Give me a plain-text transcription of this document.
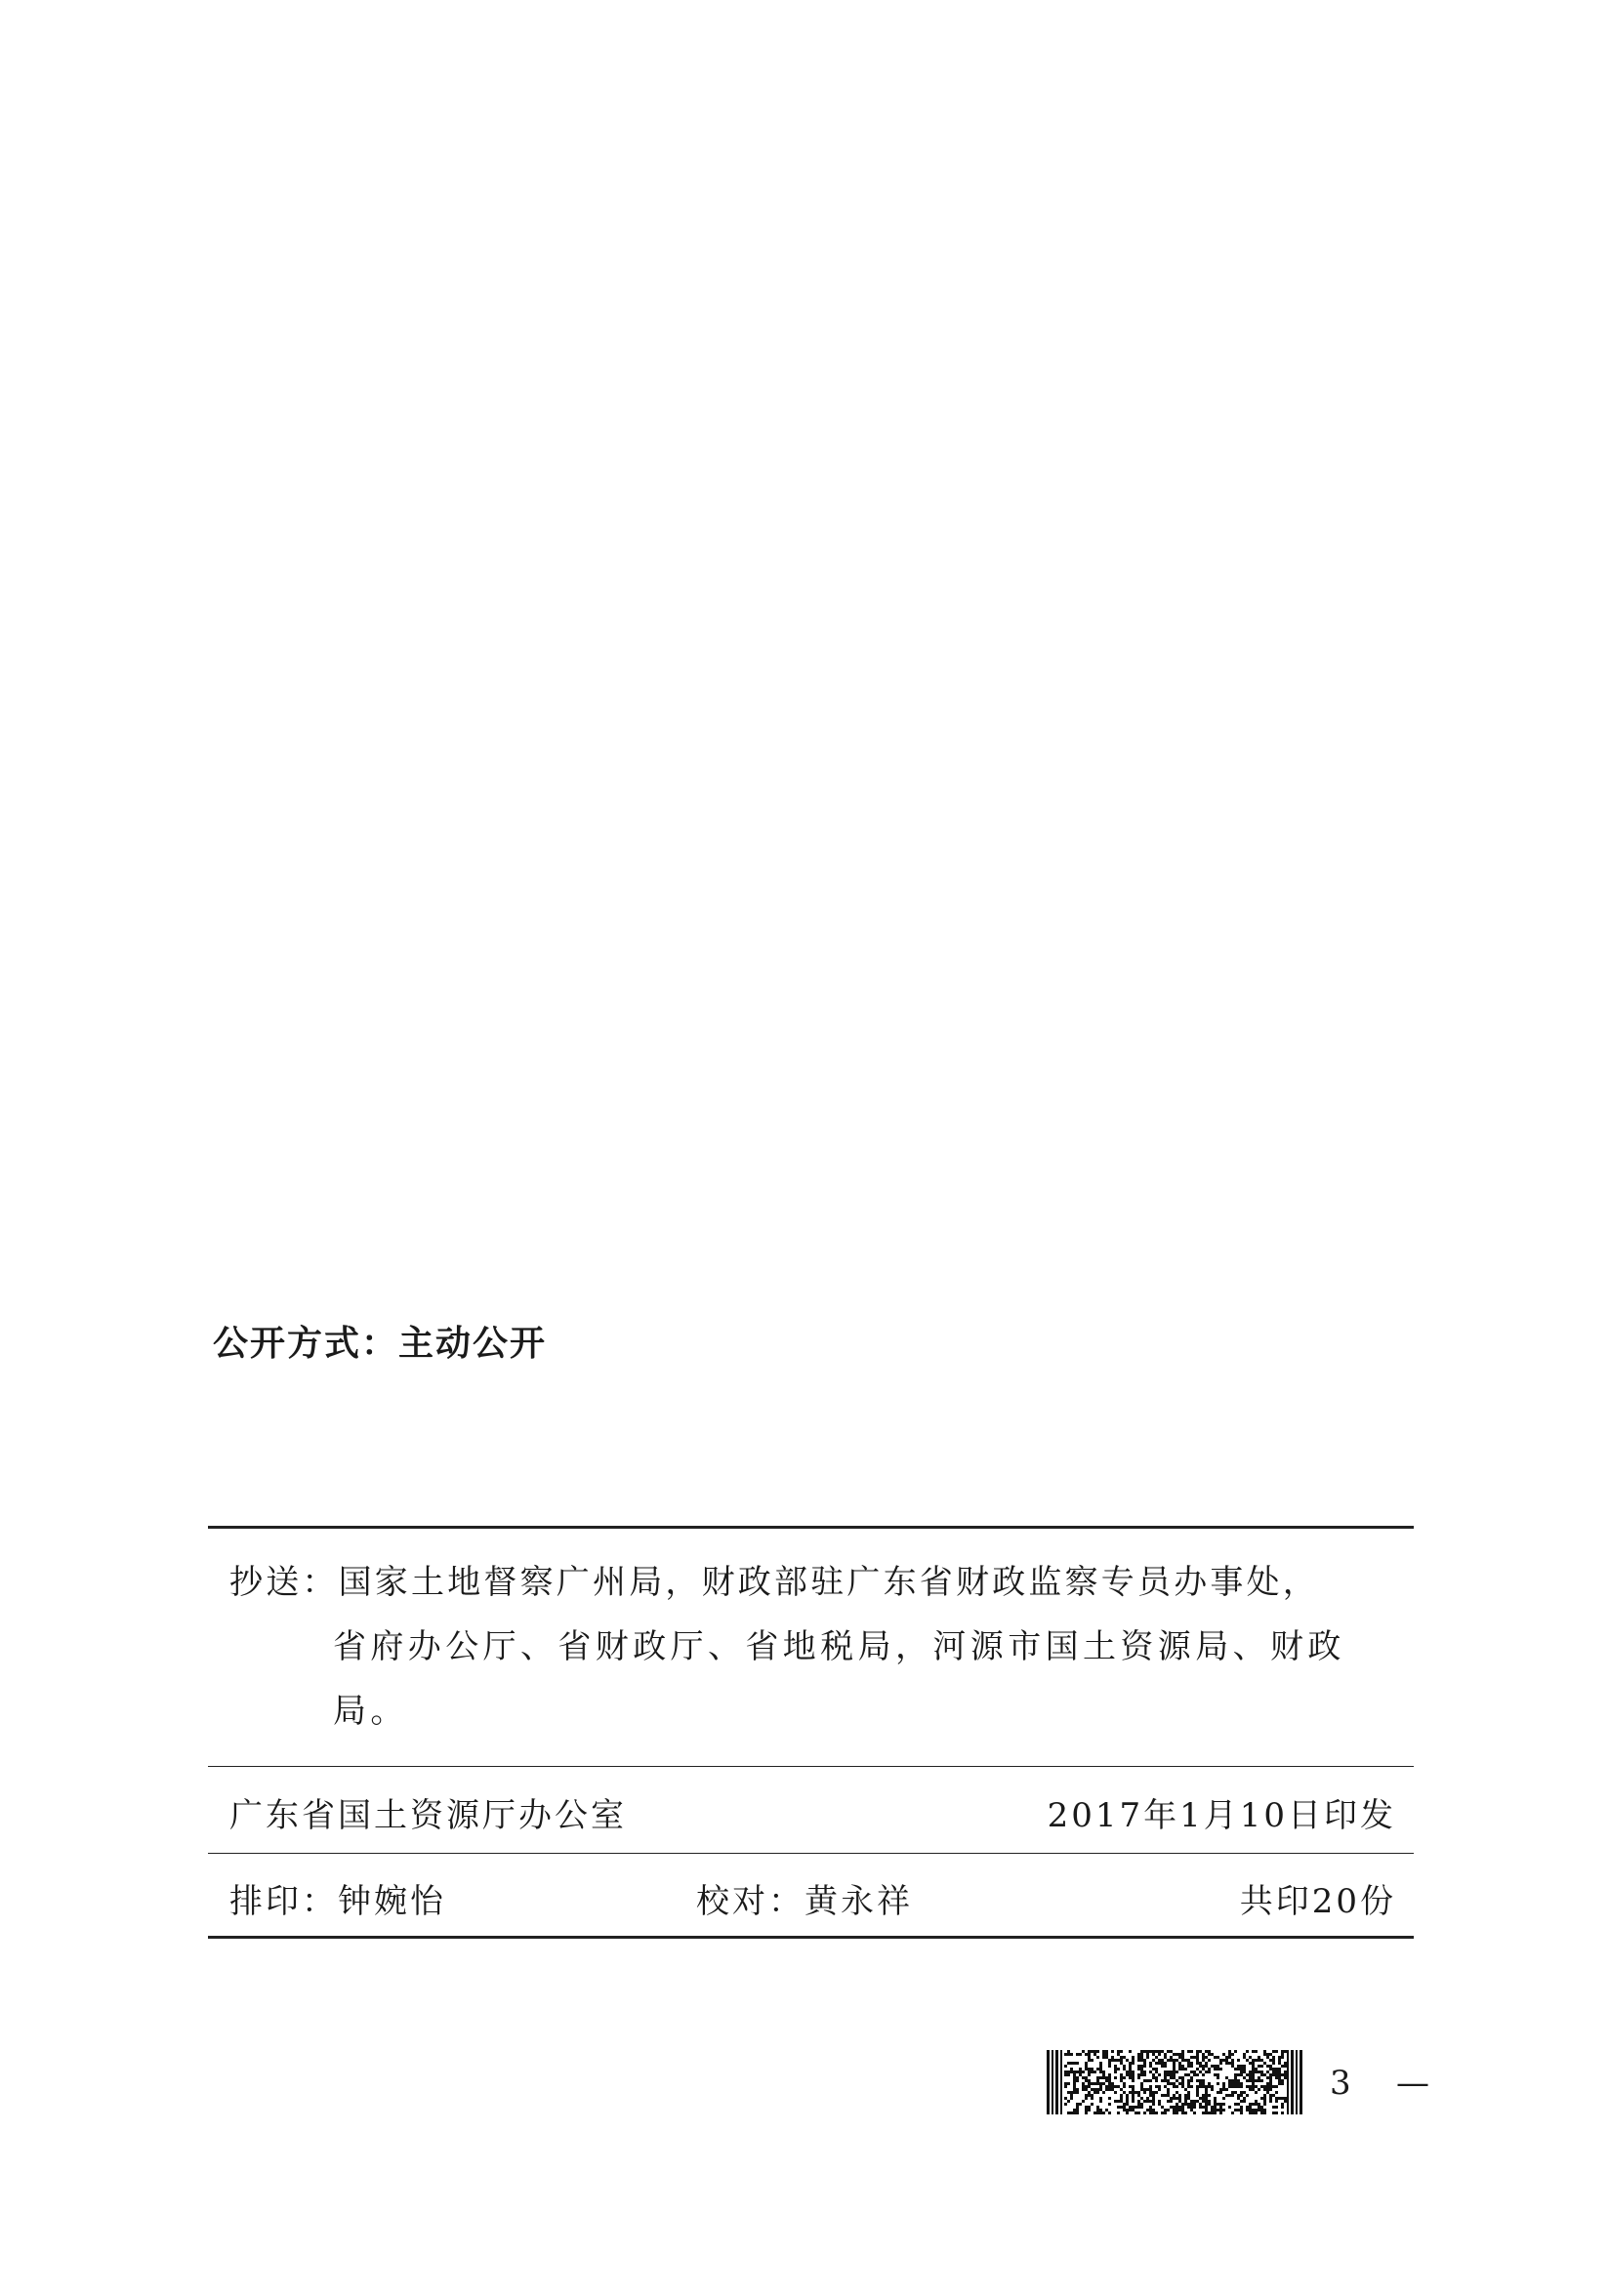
公开方式：主动公开
抄送：国家土地督察广州局，财政部驻广东省财政监察专员办事处，
省府办公厅、省财政厅、省地税局，河源市国土资源局、财政局。
广东省国土资源厅办公室	2017年1月10日印发
排印：钟婉怡	校对：黄永祥	共印20份
3 —
